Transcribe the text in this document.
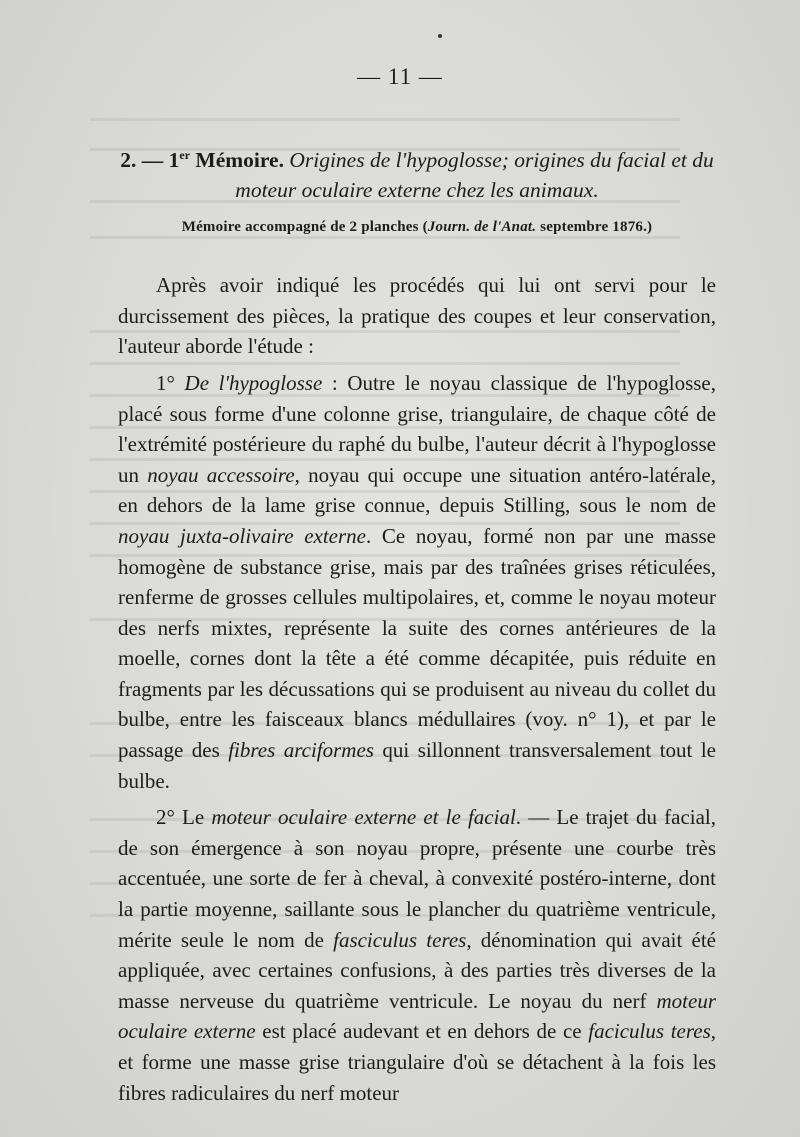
— 11 —

2. — 1er Mémoire. Origines de l'hypoglosse; origines du facial et du
moteur oculaire externe chez les animaux.

Mémoire accompagné de 2 planches (Journ. de l'Anat. septembre 1876.)

Après avoir indiqué les procédés qui lui ont servi pour le durcissement des pièces, la pratique des coupes et leur conservation, l'auteur aborde l'étude :

1° De l'hypoglosse : Outre le noyau classique de l'hypoglosse, placé sous forme d'une colonne grise, triangulaire, de chaque côté de l'extrémité postérieure du raphé du bulbe, l'auteur décrit à l'hypoglosse un noyau accessoire, noyau qui occupe une situation antéro-latérale, en dehors de la lame grise connue, depuis Stilling, sous le nom de noyau juxta-olivaire externe. Ce noyau, formé non par une masse homogène de substance grise, mais par des traînées grises réticulées, renferme de grosses cellules multipolaires, et, comme le noyau moteur des nerfs mixtes, représente la suite des cornes antérieures de la moelle, cornes dont la tête a été comme décapitée, puis réduite en fragments par les décussations qui se produisent au niveau du collet du bulbe, entre les faisceaux blancs médullaires (voy. n° 1), et par le passage des fibres arciformes qui sillonnent transversalement tout le bulbe.

2° Le moteur oculaire externe et le facial. — Le trajet du facial, de son émergence à son noyau propre, présente une courbe très accentuée, une sorte de fer à cheval, à convexité postéro-interne, dont la partie moyenne, saillante sous le plancher du quatrième ventricule, mérite seule le nom de fasciculus teres, dénomination qui avait été appliquée, avec certaines confusions, à des parties très diverses de la masse nerveuse du quatrième ventricule. Le noyau du nerf moteur oculaire externe est placé audevant et en dehors de ce faciculus teres, et forme une masse grise triangulaire d'où se détachent à la fois les fibres radiculaires du nerf moteur
